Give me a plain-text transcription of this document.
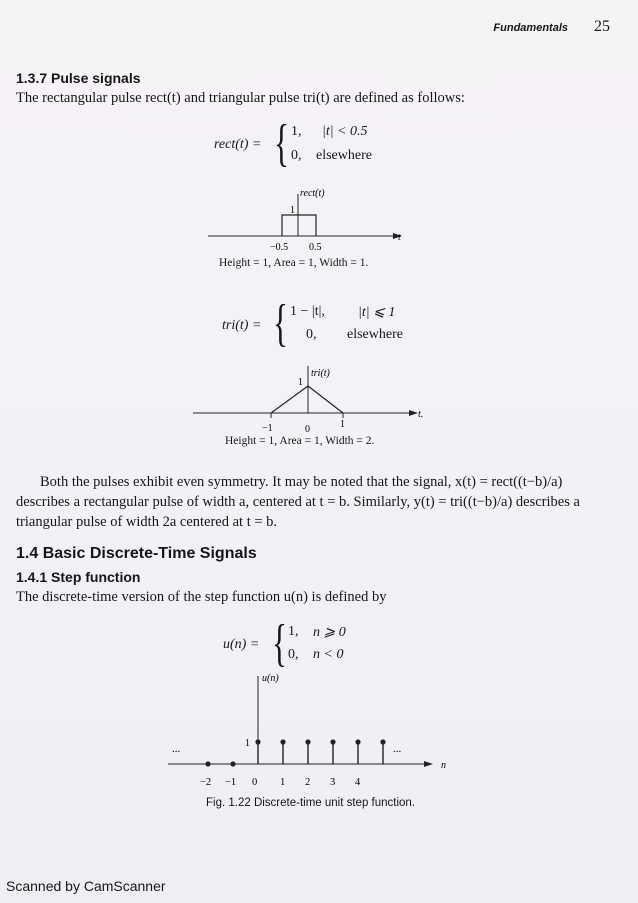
Fundamentals 25
1.3.7 Pulse signals
The rectangular pulse rect(t) and triangular pulse tri(t) are defined as follows:
rect(t) = { 1, |t| < 0.5
0, elsewhere
rect(t)
1
t
−0.5 0.5
Height = 1, Area = 1, Width = 1.
tri(t) = { 1 − |t|, |t| ⩽ 1
0, elsewhere
tri(t)
1
t.
−1	0	1
Height = 1, Area = 1, Width = 2.
Both the pulses exhibit even symmetry. It may be noted that the signal, x(t) = rect((t−b)/a)
describes a rectangular pulse of width a, centered at t = b. Similarly, y(t) = tri((t−b)/a) describes a
triangular pulse of width 2a centered at t = b.
1.4 Basic Discrete-Time Signals
1.4.1 Step function
The discrete-time version of the step function u(n) is defined by
u(n) = { 1, n ⩾ 0
0, n < 0
u(n)
1
n
...	...
−2 −1 0 1 2 3 4
Fig. 1.22 Discrete-time unit step function.
Scanned by CamScanner
